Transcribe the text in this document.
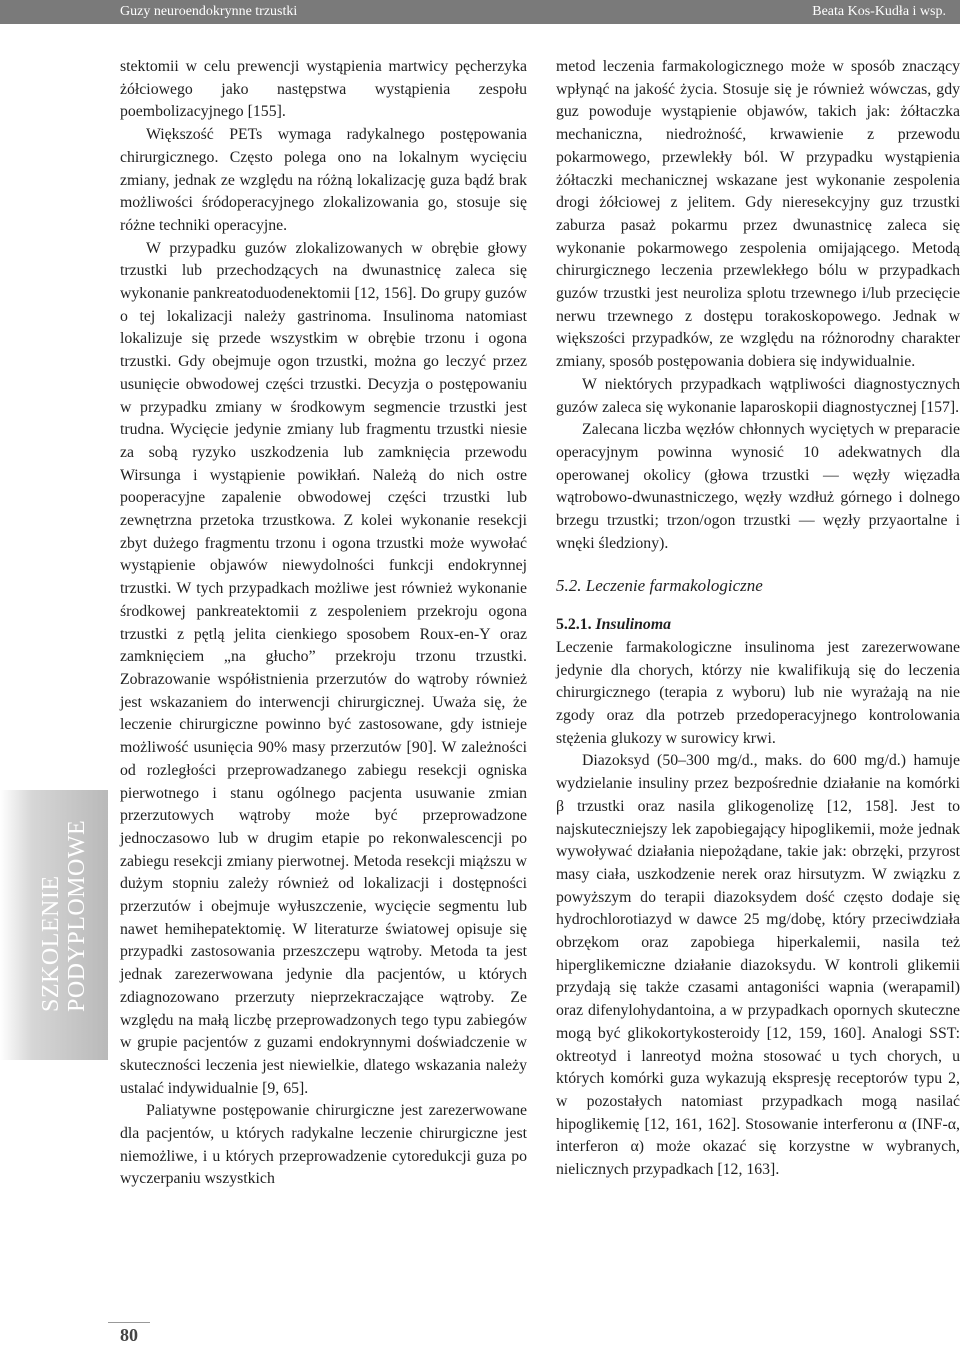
Guzy neuroendokrynne trzustki	Beata Kos-Kudła i wsp.
SZKOLENIE PODYPLOMOWE

stektomii w celu prewencji wystąpienia martwicy pęcherzyka żółciowego jako następstwa wystąpienia zespołu poembolizacyjnego [155].

Większość PETs wymaga radykalnego postępowania chirurgicznego. Często polega ono na lokalnym wycięciu zmiany, jednak ze względu na różną lokalizację guza bądź brak możliwości śródoperacyjnego zlokalizowania go, stosuje się różne techniki operacyjne.

W przypadku guzów zlokalizowanych w obrębie głowy trzustki lub przechodzących na dwunastnicę zaleca się wykonanie pankreatoduodenektomii [12, 156]. Do grupy guzów o tej lokalizacji należy gastrinoma. Insulinoma natomiast lokalizuje się przede wszystkim w obrębie trzonu i ogona trzustki. Gdy obejmuje ogon trzustki, można go leczyć przez usunięcie obwodowej części trzustki. Decyzja o postępowaniu w przypadku zmiany w środkowym segmencie trzustki jest trudna. Wycięcie jedynie zmiany lub fragmentu trzustki niesie za sobą ryzyko uszkodzenia lub zamknięcia przewodu Wirsunga i wystąpienie powikłań. Należą do nich ostre pooperacyjne zapalenie obwodowej części trzustki lub zewnętrzna przetoka trzustkowa. Z kolei wykonanie resekcji zbyt dużego fragmentu trzonu i ogona trzustki może wywołać wystąpienie objawów niewydolności funkcji endokrynnej trzustki. W tych przypadkach możliwe jest również wykonanie środkowej pankreatektomii z zespoleniem przekroju ogona trzustki z pętlą jelita cienkiego sposobem Roux-en-Y oraz zamknięciem „na głucho” przekroju trzonu trzustki. Zobrazowanie współistnienia przerzutów do wątroby również jest wskazaniem do interwencji chirurgicznej. Uważa się, że leczenie chirurgiczne powinno być zastosowane, gdy istnieje możliwość usunięcia 90% masy przerzutów [90]. W zależności od rozległości przeprowadzanego zabiegu resekcji ogniska pierwotnego i stanu ogólnego pacjenta usuwanie zmian przerzutowych wątroby może być przeprowadzone jednoczasowo lub w drugim etapie po rekonwalescencji po zabiegu resekcji zmiany pierwotnej. Metoda resekcji miąższu w dużym stopniu zależy również od lokalizacji i dostępności przerzutów i obejmuje wyłuszczenie, wycięcie segmentu lub nawet hemihepatektomię. W literaturze światowej opisuje się przypadki zastosowania przeszczepu wątroby. Metoda ta jest jednak zarezerwowana jedynie dla pacjentów, u których zdiagnozowano przerzuty nieprzekraczające wątroby. Ze względu na małą liczbę przeprowadzonych tego typu zabiegów w grupie pacjentów z guzami endokrynnymi doświadczenie w skuteczności leczenia jest niewielkie, dlatego wskazania należy ustalać indywidualnie [9, 65].

Paliatywne postępowanie chirurgiczne jest zarezerwowane dla pacjentów, u których radykalne leczenie chirurgiczne jest niemożliwe, i u których przeprowadzenie cytoredukcji guza po wyczerpaniu wszystkich

metod leczenia farmakologicznego może w sposób znaczący wpłynąć na jakość życia. Stosuje się je również wówczas, gdy guz powoduje wystąpienie objawów, takich jak: żółtaczka mechaniczna, niedrożność, krwawienie z przewodu pokarmowego, przewlekły ból. W przypadku wystąpienia żółtaczki mechanicznej wskazane jest wykonanie zespolenia drogi żółciowej z jelitem. Gdy nieresekcyjny guz trzustki zaburza pasaż pokarmu przez dwunastnicę zaleca się wykonanie pokarmowego zespolenia omijającego. Metodą chirurgicznego leczenia przewlekłego bólu w przypadkach guzów trzustki jest neuroliza splotu trzewnego i/lub przecięcie nerwu trzewnego z dostępu torakoskopowego. Jednak w większości przypadków, ze względu na różnorodny charakter zmiany, sposób postępowania dobiera się indywidualnie.

W niektórych przypadkach wątpliwości diagnostycznych guzów zaleca się wykonanie laparoskopii diagnostycznej [157].

Zalecana liczba węzłów chłonnych wyciętych w preparacie operacyjnym powinna wynosić 10 adekwatnych dla operowanej okolicy (głowa trzustki — węzły więzadła wątrobowo-dwunastniczego, węzły wzdłuż górnego i dolnego brzegu trzustki; trzon/ogon trzustki — węzły przyaortalne i wnęki śledziony).

5.2. Leczenie farmakologiczne
5.2.1. Insulinoma

Leczenie farmakologiczne insulinoma jest zarezerwowane jedynie dla chorych, którzy nie kwalifikują się do leczenia chirurgicznego (terapia z wyboru) lub nie wyrażają na nie zgody oraz dla potrzeb przedoperacyjnego kontrolowania stężenia glukozy w surowicy krwi.

Diazoksyd (50–300 mg/d., maks. do 600 mg/d.) hamuje wydzielanie insuliny przez bezpośrednie działanie na komórki β trzustki oraz nasila glikogenolizę [12, 158]. Jest to najskuteczniejszy lek zapobiegający hipoglikemii, może jednak wywoływać działania niepożądane, takie jak: obrzęki, przyrost masy ciała, uszkodzenie nerek oraz hirsutyzm. W związku z powyższym do terapii diazoksydem dość często dodaje się hydrochlorotiazyd w dawce 25 mg/dobę, który przeciwdziała obrzękom oraz zapobiega hiperkalemii, nasila też hiperglikemiczne działanie diazoksydu. W kontroli glikemii przydają się także czasami antagoniści wapnia (werapamil) oraz difenylohydantoina, a w przypadkach opornych skuteczne mogą być glikokortykosteroidy [12, 159, 160]. Analogi SST: oktreotyd i lanreotyd można stosować u tych chorych, u których komórki guza wykazują ekspresję receptorów typu 2, w pozostałych natomiast przypadkach mogą nasilać hipoglikemię [12, 161, 162]. Stosowanie interferonu α (INF-α, interferon α) może okazać się korzystne w wybranych, nielicznych przypadkach [12, 163].

80
